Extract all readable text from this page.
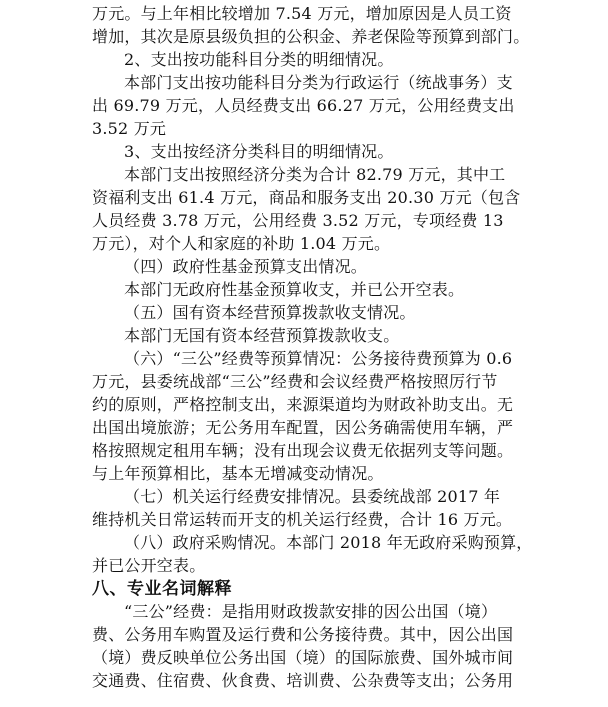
万元。与上年相比较增加 7.54 万元，增加原因是人员工资
增加，其次是原县级负担的公积金、养老保险等预算到部门。
2、支出按功能科目分类的明细情况。
本部门支出按功能科目分类为行政运行（统战事务）支
出 69.79 万元，人员经费支出 66.27 万元，公用经费支出
3.52 万元
3、支出按经济分类科目的明细情况。
本部门支出按照经济分类为合计 82.79 万元，其中工
资福利支出 61.4 万元，商品和服务支出 20.30 万元（包含
人员经费 3.78 万元，公用经费 3.52 万元，专项经费 13
万元），对个人和家庭的补助 1.04 万元。
（四）政府性基金预算支出情况。
本部门无政府性基金预算收支，并已公开空表。
（五）国有资本经营预算拨款收支情况。
本部门无国有资本经营预算拨款收支。
（六）“三公”经费等预算情况：公务接待费预算为 0.6
万元，县委统战部“三公”经费和会议经费严格按照厉行节
约的原则，严格控制支出，来源渠道均为财政补助支出。无
出国出境旅游；无公务用车配置，因公务确需使用车辆，严
格按照规定租用车辆；没有出现会议费无依据列支等问题。
与上年预算相比，基本无增减变动情况。
（七）机关运行经费安排情况。县委统战部 2017 年
维持机关日常运转而开支的机关运行经费，合计 16 万元。
（八）政府采购情况。本部门 2018 年无政府采购预算，
并已公开空表。
八、专业名词解释
“三公”经费：是指用财政拨款安排的因公出国（境）
费、公务用车购置及运行费和公务接待费。其中，因公出国
（境）费反映单位公务出国（境）的国际旅费、国外城市间
交通费、住宿费、伙食费、培训费、公杂费等支出；公务用
